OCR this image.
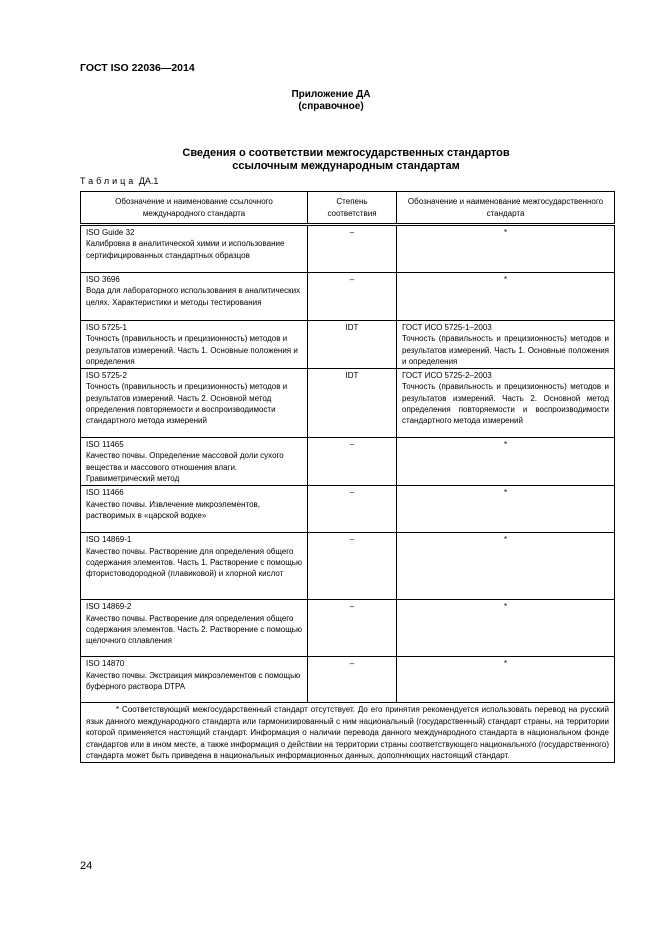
ГОСТ ISO 22036—2014
Приложение ДА
(справочное)
Сведения о соответствии межгосударственных стандартов
ссылочным международным стандартам
Таблица ДА.1
Обозначение и наименование ссылочного международного стандарта	Степень соответствия	Обозначение и наименование межгосударственного стандарта

ISO Guide 32
Калибровка в аналитической химии и использование сертифицированных стандартных образцов	–	*

ISO 3696
Вода для лабораторного использования в аналитических целях. Характеристики и методы тестирования	–	*

ISO 5725-1
Точность (правильность и прецизионность) методов и результатов измерений. Часть 1. Основные положения и определения	IDT	ГОСТ ИСО 5725-1–2003
Точность (правильность и прецизионность) методов и результатов измерений. Часть 1. Основные положения и определения

ISO 5725-2
Точность (правильность и прецизионность) методов и результатов измерений. Часть 2. Основной метод определения повторяемости и воспроизводимости стандартного метода измерений	IDT	ГОСТ ИСО 5725-2–2003
Точность (правильность и прецизионность) методов и результатов измерений. Часть 2. Основной метод определения повторяемости и воспроизводимости стандартного метода измерений

ISO 11465
Качество почвы. Определение массовой доли сухого вещества и массового отношения влаги. Гравиметрический метод	–	*

ISO 11466
Качество почвы. Извлечение микроэлементов, растворимых в «царской водке»	–	*

ISO 14869-1
Качество почвы. Растворение для определения общего содержания элементов. Часть 1. Растворение с помощью фтористоводородной (плавиковой) и хлорной кислот	–	*

ISO 14869-2
Качество почвы. Растворение для определения общего содержания элементов. Часть 2. Растворение с помощью щелочного сплавления	–	*

ISO 14870
Качество почвы. Экстракция микроэлементов с помощью буферного раствора DTPA	–	*
* Соответствующий межгосударственный стандарт отсутствует. До его принятия рекомендуется использовать перевод на русский язык данного международного стандарта или гармонизированный с ним национальный (государственный) стандарт страны, на территории которой применяется настоящий стандарт. Информация о наличии перевода данного международного стандарта в национальном фонде стандартов или в ином месте, а также информация о действии на территории страны соответствующего национального (государственного) стандарта может быть приведена в национальных информационных данных, дополняющих настоящий стандарт.		
24
